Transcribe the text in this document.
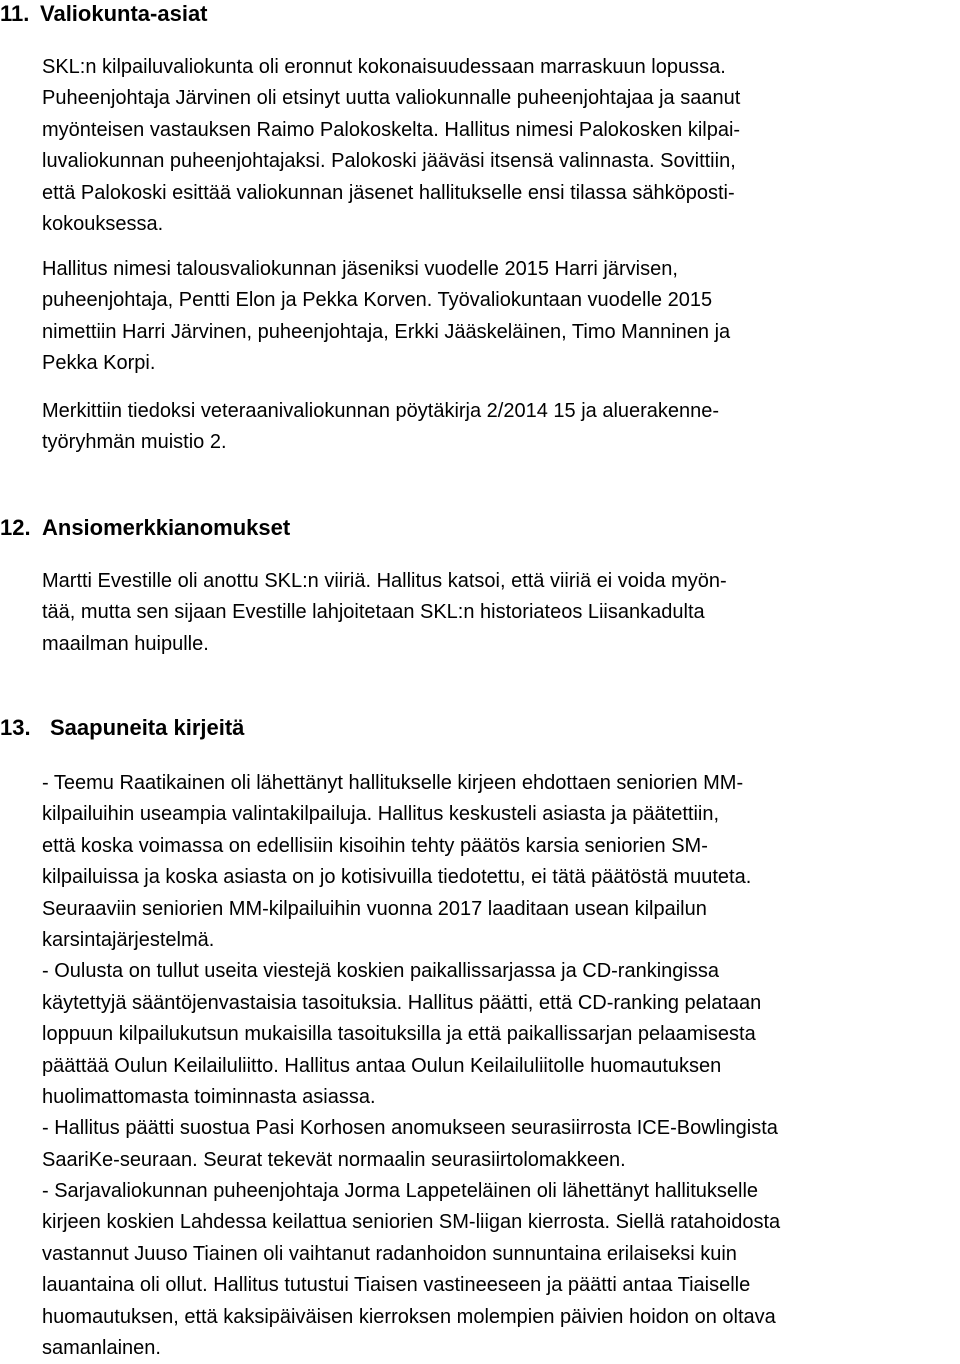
11. Valiokunta-asiat
SKL:n kilpailuvaliokunta oli eronnut kokonaisuudessaan marraskuun lopussa.
Puheenjohtaja Järvinen oli etsinyt uutta valiokunnalle puheenjohtajaa ja saanut
myönteisen vastauksen Raimo Palokoskelta. Hallitus nimesi Palokosken kilpai-
luvaliokunnan puheenjohtajaksi. Palokoski jääväsi itsensä valinnasta. Sovittiin,
että Palokoski esittää valiokunnan jäsenet hallitukselle ensi tilassa sähköposti-
kokouksessa.
Hallitus nimesi talousvaliokunnan jäseniksi vuodelle 2015 Harri järvisen,
puheenjohtaja, Pentti Elon ja Pekka Korven. Työvaliokuntaan vuodelle 2015
nimettiin Harri Järvinen, puheenjohtaja, Erkki Jääskeläinen, Timo Manninen ja
Pekka Korpi.
Merkittiin tiedoksi veteraanivaliokunnan pöytäkirja 2/2014 15 ja aluerakenne-
työryhmän muistio 2.
12. Ansiomerkkianomukset
Martti Evestille oli anottu SKL:n viiriä. Hallitus katsoi, että viiriä ei voida myön-
tää, mutta sen sijaan Evestille lahjoitetaan SKL:n historiateos Liisankadulta
maailman huipulle.
13. Saapuneita kirjeitä
- Teemu Raatikainen oli lähettänyt hallitukselle kirjeen ehdottaen seniorien MM-
kilpailuihin useampia valintakilpailuja. Hallitus keskusteli asiasta ja päätettiin,
että koska voimassa on edellisiin kisoihin tehty päätös karsia seniorien SM-
kilpailuissa ja koska asiasta on jo kotisivuilla tiedotettu, ei tätä päätöstä muuteta.
Seuraaviin seniorien MM-kilpailuihin vuonna 2017 laaditaan usean kilpailun
karsintajärjestelmä.
- Oulusta on tullut useita viestejä koskien paikallissarjassa ja CD-rankingissa
käytettyjä sääntöjenvastaisia tasoituksia. Hallitus päätti, että CD-ranking pelataan
loppuun kilpailukutsun mukaisilla tasoituksilla ja että paikallissarjan pelaamisesta
päättää Oulun Keilailuliitto. Hallitus antaa Oulun Keilailuliitolle huomautuksen
huolimattomasta toiminnasta asiassa.
- Hallitus päätti suostua Pasi Korhosen anomukseen seurasiirrosta ICE-Bowlingista
SaariKe-seuraan. Seurat tekevät normaalin seurasiirtolomakkeen.
- Sarjavaliokunnan puheenjohtaja Jorma Lappeteläinen oli lähettänyt hallitukselle
kirjeen koskien Lahdessa keilattua seniorien SM-liigan kierrosta. Siellä ratahoidosta
vastannut Juuso Tiainen oli vaihtanut radanhoidon sunnuntaina erilaiseksi kuin
lauantaina oli ollut. Hallitus tutustui Tiaisen vastineeseen ja päätti antaa Tiaiselle
huomautuksen, että kaksipäiväisen kierroksen molempien päivien hoidon on oltava
samanlainen.
